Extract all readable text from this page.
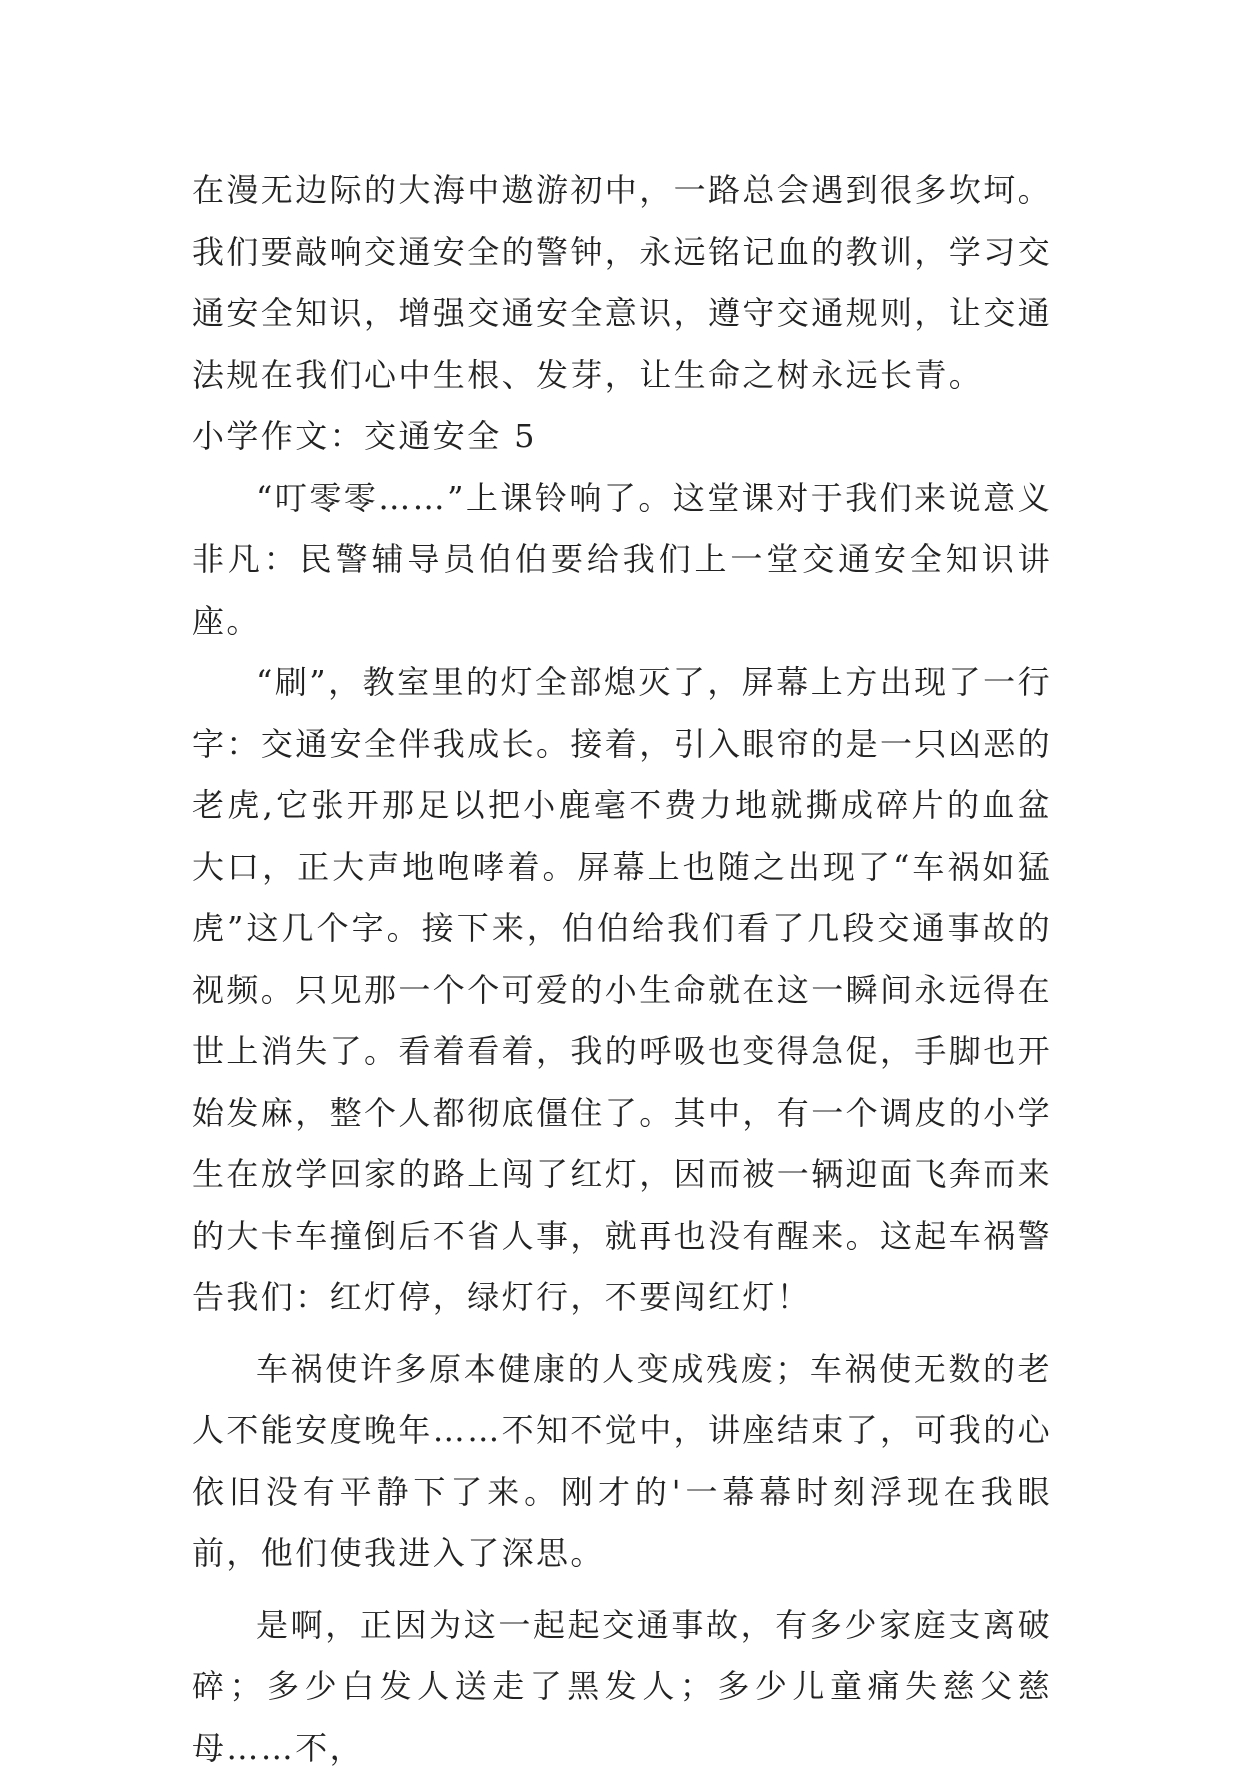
在漫无边际的大海中遨游初中，一路总会遇到很多坎坷。我们要敲响交通安全的警钟，永远铭记血的教训，学习交通安全知识，增强交通安全意识，遵守交通规则，让交通法规在我们心中生根、发芽，让生命之树永远长青。

小学作文：交通安全 5

“叮零零……”上课铃响了。这堂课对于我们来说意义非凡：民警辅导员伯伯要给我们上一堂交通安全知识讲座。

“刷”，教室里的灯全部熄灭了，屏幕上方出现了一行字：交通安全伴我成长。接着，引入眼帘的是一只凶恶的老虎,它张开那足以把小鹿毫不费力地就撕成碎片的血盆大口，正大声地咆哮着。屏幕上也随之出现了“车祸如猛虎”这几个字。接下来，伯伯给我们看了几段交通事故的视频。只见那一个个可爱的小生命就在这一瞬间永远得在世上消失了。看着看着，我的呼吸也变得急促，手脚也开始发麻，整个人都彻底僵住了。其中，有一个调皮的小学生在放学回家的路上闯了红灯，因而被一辆迎面飞奔而来的大卡车撞倒后不省人事，就再也没有醒来。这起车祸警告我们：红灯停，绿灯行，不要闯红灯！

车祸使许多原本健康的人变成残废；车祸使无数的老人不能安度晚年……不知不觉中，讲座结束了，可我的心依旧没有平静下了来。刚才的'一幕幕时刻浮现在我眼前，他们使我进入了深思。

是啊，正因为这一起起交通事故，有多少家庭支离破碎；多少白发人送走了黑发人；多少儿童痛失慈父慈母……不，
